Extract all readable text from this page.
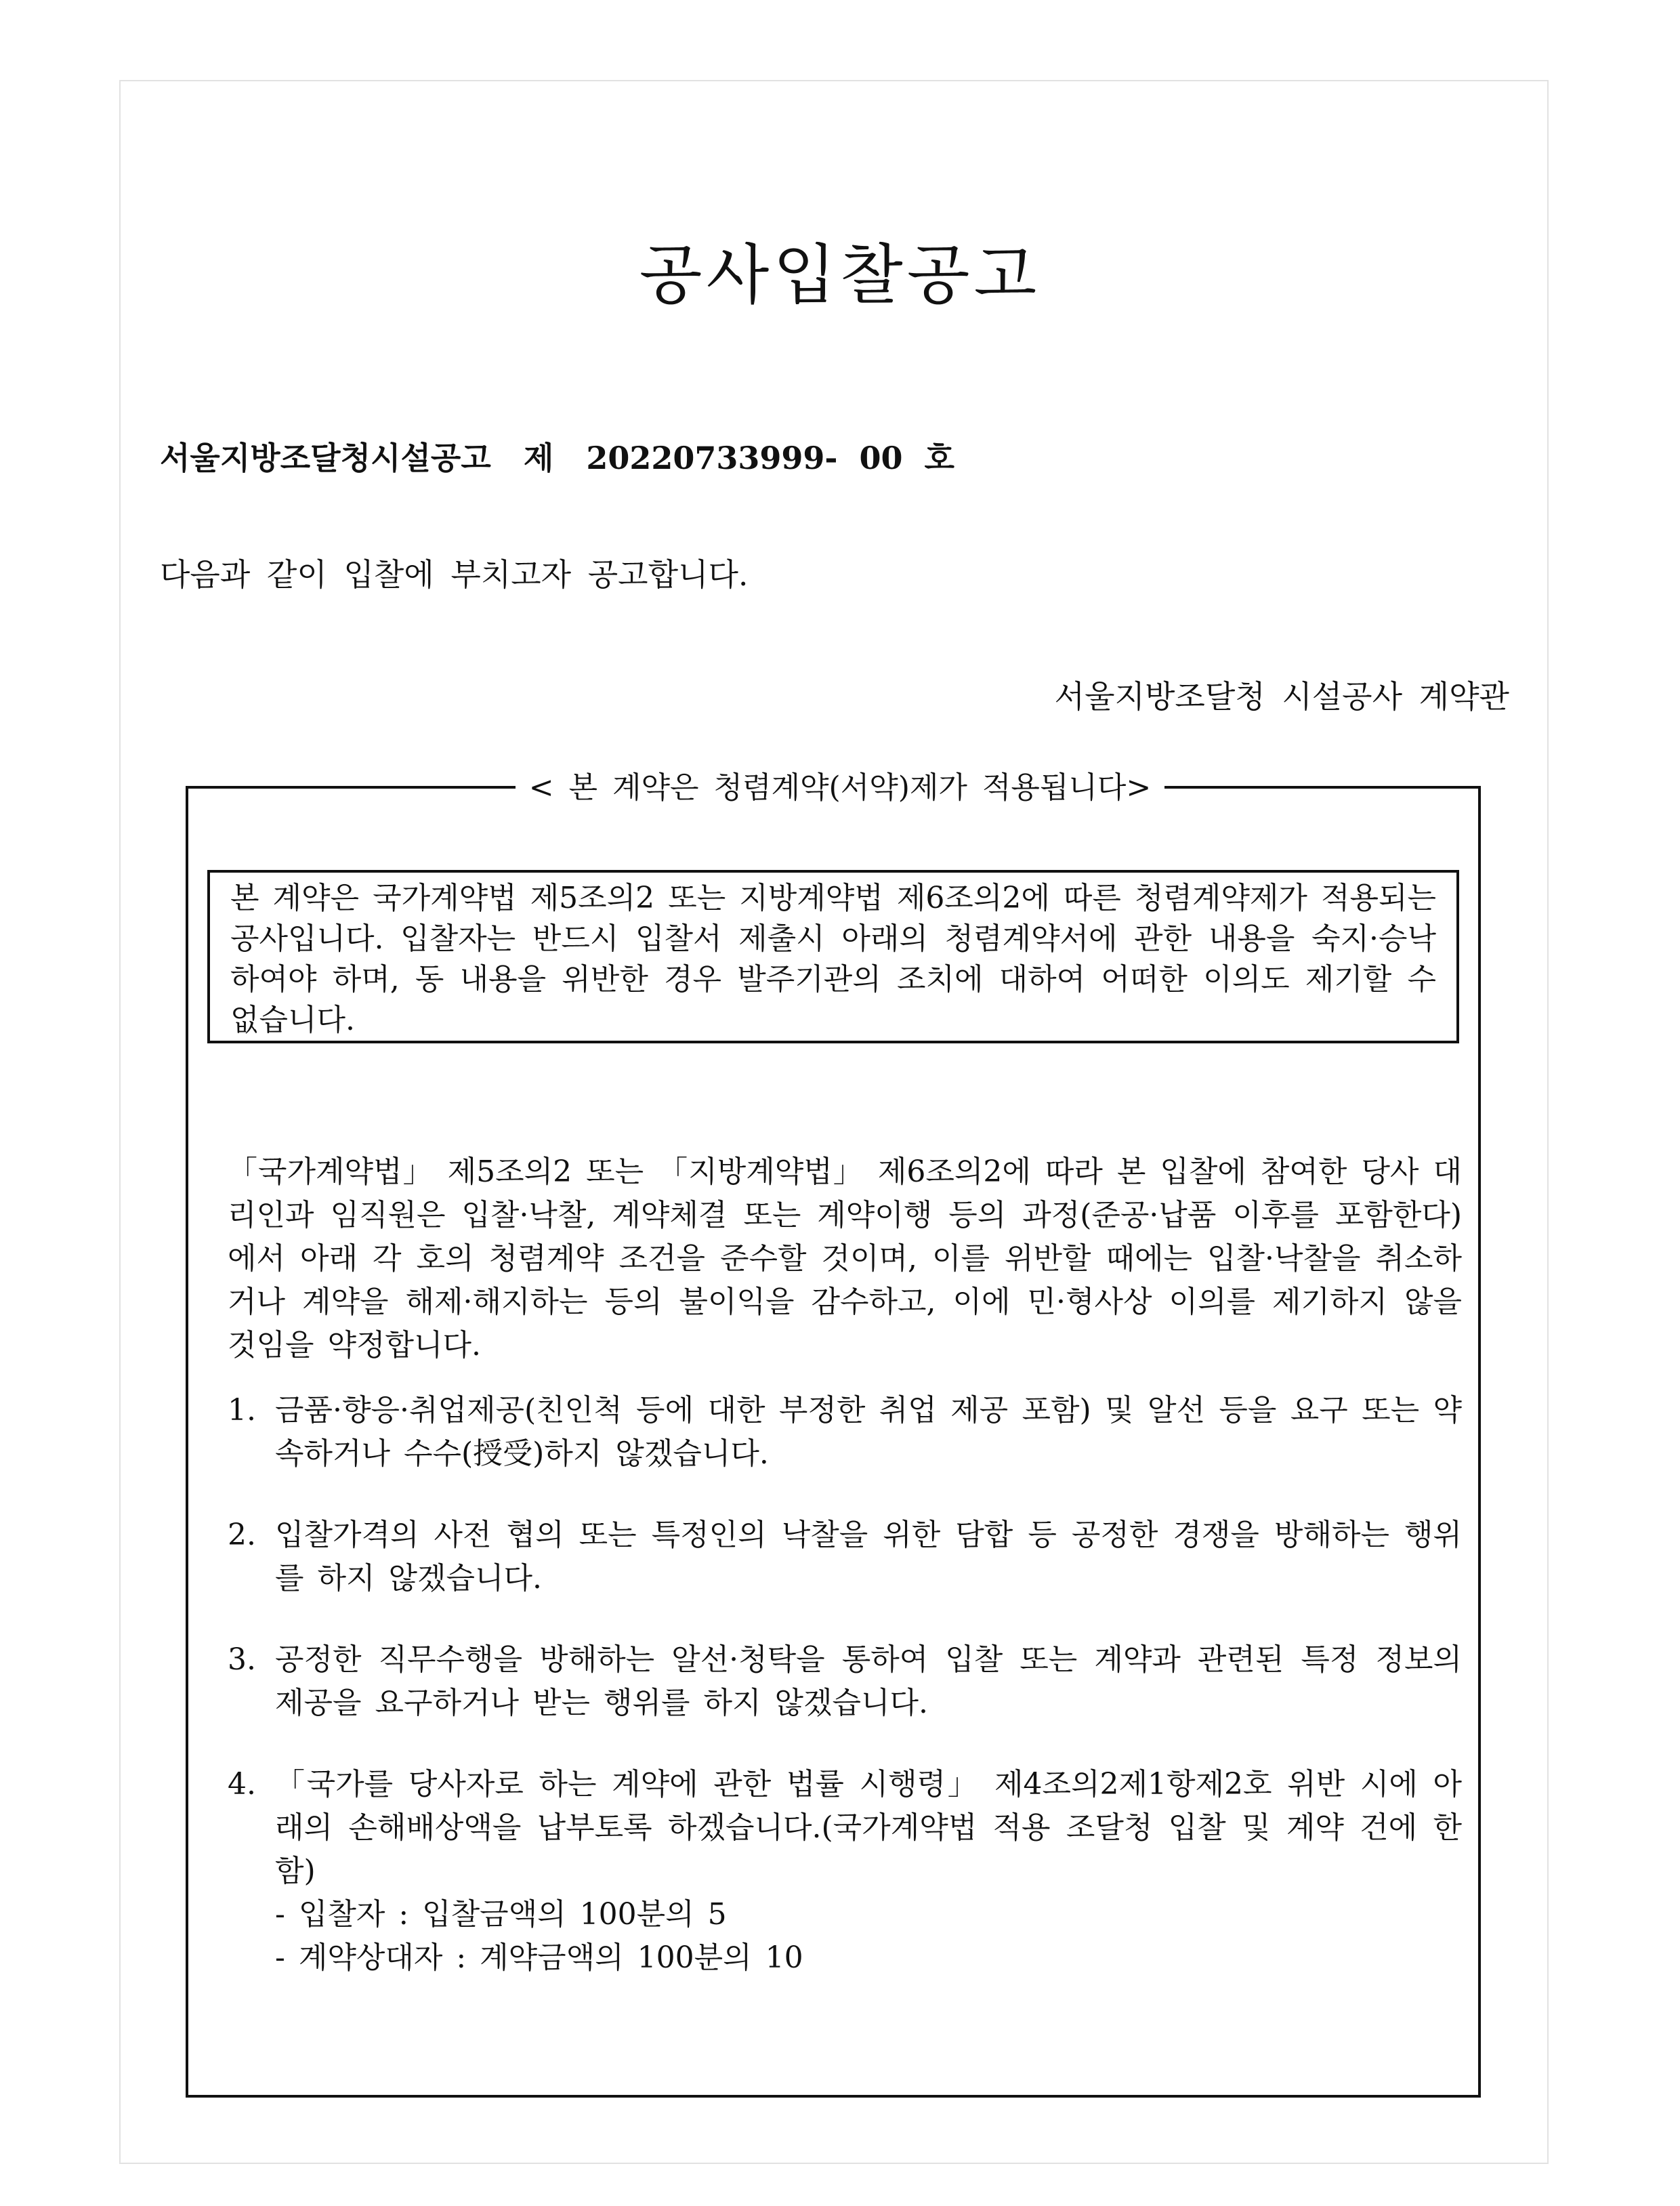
공사입찰공고
서울지방조달청시설공고   제   20220733999-  00  호
다음과 같이 입찰에 부치고자 공고합니다.
서울지방조달청 시설공사 계약관
< 본 계약은 청렴계약(서약)제가 적용됩니다>
본 계약은 국가계약법 제5조의2 또는 지방계약법 제6조의2에 따른 청렴계약제가 적용되는 공사입니다. 입찰자는 반드시 입찰서 제출시 아래의 청렴계약서에 관한 내용을 숙지·승낙하여야 하며, 동 내용을 위반한 경우 발주기관의 조치에 대하여 어떠한 이의도 제기할 수 없습니다.
「국가계약법」 제5조의2 또는 「지방계약법」 제6조의2에 따라 본 입찰에 참여한 당사 대리인과 임직원은 입찰·낙찰, 계약체결 또는 계약이행 등의 과정(준공·납품 이후를 포함한다)에서 아래 각 호의 청렴계약 조건을 준수할 것이며, 이를 위반할 때에는 입찰·낙찰을 취소하거나 계약을 해제·해지하는 등의 불이익을 감수하고, 이에 민·형사상 이의를 제기하지 않을 것임을 약정합니다.
1. 금품·향응·취업제공(친인척 등에 대한 부정한 취업 제공 포함) 및 알선 등을 요구 또는 약속하거나 수수(授受)하지 않겠습니다.
2. 입찰가격의 사전 협의 또는 특정인의 낙찰을 위한 담합 등 공정한 경쟁을 방해하는 행위를 하지 않겠습니다.
3. 공정한 직무수행을 방해하는 알선·청탁을 통하여 입찰 또는 계약과 관련된 특정 정보의 제공을 요구하거나 받는 행위를 하지 않겠습니다.
4. 「국가를 당사자로 하는 계약에 관한 법률 시행령」 제4조의2제1항제2호 위반 시에 아래의 손해배상액을 납부토록 하겠습니다.(국가계약법 적용 조달청 입찰 및 계약 건에 한함)
- 입찰자 : 입찰금액의 100분의 5
- 계약상대자 : 계약금액의 100분의 10
